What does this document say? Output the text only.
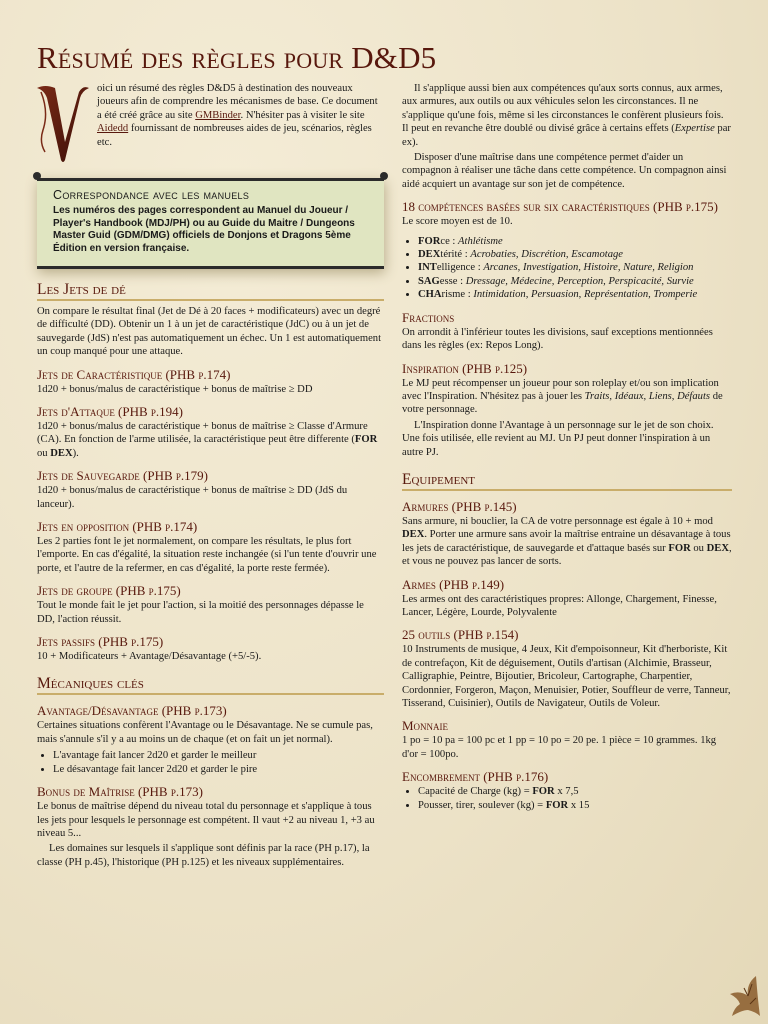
Résumé des règles pour D&D5

oici un résumé des règles D&D5 à destination des nouveaux joueurs afin de comprendre les mécanismes de base. Ce document a été créé grâce au site GMBinder. N'hésiter pas à visiter le site Aidedd fournissant de nombreuses aides de jeu, scénarios, règles etc.

Correspondance avec les manuels

Les numéros des pages correspondent au Manuel du Joueur / Player's Handbook (MDJ/PH) ou au Guide du Maitre / Dungeons Master Guid (GDM/DMG) officiels de Donjons et Dragons 5ème Édition en version française.

Les Jets de dé

On compare le résultat final (Jet de Dé à 20 faces + modificateurs) avec un degré de difficulté (DD). Obtenir un 1 à un jet de caractéristique (JdC) ou à un jet de sauvegarde (JdS) n'est pas automatiquement un échec. Un 1 est automatiquement un coup manqué pour une attaque.

Jets de Caractéristique (PHB p.174)

1d20 + bonus/malus de caractéristique + bonus de maîtrise ≥ DD

Jets d'Attaque (PHB p.194)

1d20 + bonus/malus de caractéristique + bonus de maîtrise ≥ Classe d'Armure (CA). En fonction de l'arme utilisée, la caractéristique peut être differente (FOR ou DEX).

Jets de Sauvegarde (PHB p.179)

1d20 + bonus/malus de caractéristique + bonus de maîtrise ≥ DD (JdS du lanceur).

Jets en opposition (PHB p.174)

Les 2 parties font le jet normalement, on compare les résultats, le plus fort l'emporte. En cas d'égalité, la situation reste inchangée (si l'un tente d'ouvrir une porte, et l'autre de la refermer, en cas d'égalité, la porte reste fermée).

Jets de groupe (PHB p.175)

Tout le monde fait le jet pour l'action, si la moitié des personnages dépasse le DD, l'action réussit.

Jets passifs (PHB p.175)

10 + Modificateurs + Avantage/Désavantage (+5/-5).

Mécaniques clés
Avantage/Désavantage (PHB p.173)

Certaines situations confèrent l'Avantage ou le Désavantage. Ne se cumule pas, mais s'annule s'il y a au moins un de chaque (et on fait un jet normal).

• L'avantage fait lancer 2d20 et garder le meilleur
• Le désavantage fait lancer 2d20 et garder le pire
Bonus de Maîtrise (PHB p.173)

Le bonus de maîtrise dépend du niveau total du personnage et s'applique à tous les jets pour lesquels le personnage est compétent. Il vaut +2 au niveau 1, +3 au niveau 5...

Les domaines sur lesquels il s'applique sont définis par la race (PH p.17), la classe (PH p.45), l'historique (PH p.125) et les niveaux supplémentaires.

Il s'applique aussi bien aux compétences qu'aux sorts connus, aux armes, aux armures, aux outils ou aux véhicules selon les circonstances. Il ne s'applique qu'une fois, même si les circonstances le confèrent plusieurs fois. Il peut en revanche être doublé ou divisé grâce à certains effets (Expertise par ex).

Disposer d'une maîtrise dans une compétence permet d'aider un compagnon à réaliser une tâche dans cette compétence. Un compagnon ainsi aidé acquiert un avantage sur son jet de compétence.

18 compétences basées sur six caractéristiques (PHB p.175)

Le score moyen est de 10.

• FORce : Athlétisme
• DEXtérité : Acrobaties, Discrétion, Escamotage
• INTelligence : Arcanes, Investigation, Histoire, Nature, Religion
• SAGesse : Dressage, Médecine, Perception, Perspicacité, Survie
• CHArisme : Intimidation, Persuasion, Représentation, Tromperie
Fractions

On arrondit à l'inférieur toutes les divisions, sauf exceptions mentionnées dans les règles (ex: Repos Long).

Inspiration (PHB p.125)

Le MJ peut récompenser un joueur pour son roleplay et/ou son implication avec l'Inspiration. N'hésitez pas à jouer les Traits, Idéaux, Liens, Défauts de votre personnage.

L'Inspiration donne l'Avantage à un personnage sur le jet de son choix. Une fois utilisée, elle revient au MJ. Un PJ peut donner l'inspiration à un autre PJ.

Equipement
Armures (PHB p.145)

Sans armure, ni bouclier, la CA de votre personnage est égale à 10 + mod DEX. Porter une armure sans avoir la maîtrise entraine un désavantage à tous les jets de caractéristique, de sauvegarde et d'attaque basés sur FOR ou DEX, et vous ne pouvez pas lancer de sorts.

Armes (PHB p.149)

Les armes ont des caractéristiques propres: Allonge, Chargement, Finesse, Lancer, Légère, Lourde, Polyvalente

25 outils (PHB p.154)

10 Instruments de musique, 4 Jeux, Kit d'empoisonneur, Kit d'herboriste, Kit de contrefaçon, Kit de déguisement, Outils d'artisan (Alchimie, Brasseur, Calligraphie, Peintre, Bijoutier, Bricoleur, Cartographe, Charpentier, Cordonnier, Forgeron, Maçon, Menuisier, Potier, Souffleur de verre, Tanneur, Tisserand, Cuisinier), Outils de Navigateur, Outils de Voleur.

Monnaie

1 po = 10 pa = 100 pc et 1 pp = 10 po = 20 pe. 1 pièce = 10 grammes. 1kg d'or = 100po.

Encombrement (PHB p.176)
• Capacité de Charge (kg) = FOR x 7,5
• Pousser, tirer, soulever (kg) = FOR x 15
